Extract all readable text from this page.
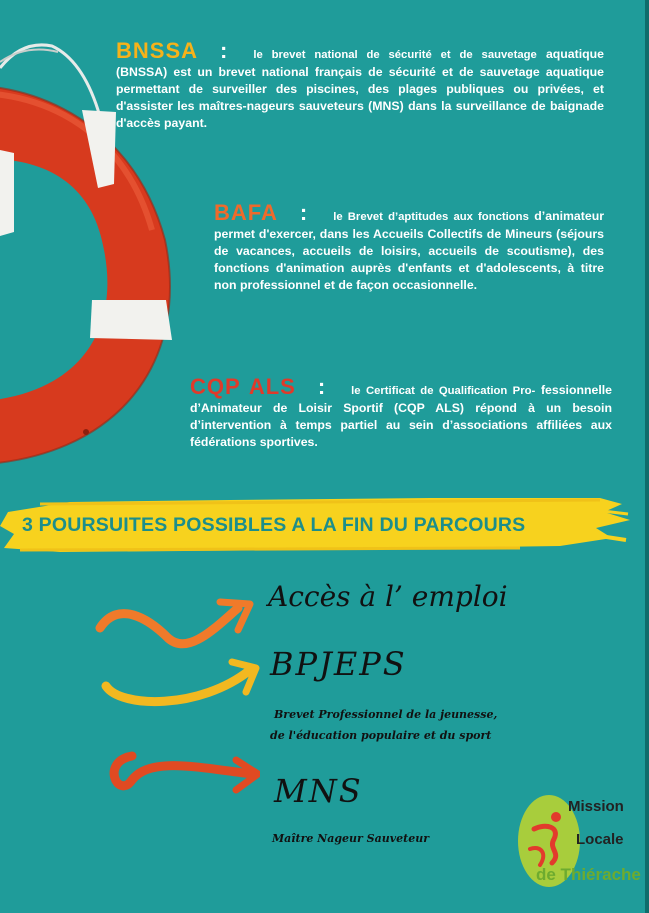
BNSSA : le brevet national de sécurité et de sauvetage aquatique (BNSSA) est un brevet national français de sécurité et de sauvetage aquatique permettant de surveiller des piscines, des plages publiques ou privées, et d'assister les maîtres-nageurs sauveteurs (MNS) dans la surveillance de baignade d'accès payant.
BAFA : le Brevet d’aptitudes aux fonctions d’animateur permet d'exercer, dans les Accueils Collectifs de Mineurs (séjours de vacances, accueils de loisirs, accueils de scoutisme), des fonctions d'animation auprès d'enfants et d'adolescents, à titre non professionnel et de façon occasionnelle.
CQP ALS : le Certificat de Qualification Pro- fessionnelle d’Animateur de Loisir Sportif (CQP ALS) répond à un besoin d’intervention à temps partiel au sein d’associations affiliées aux fédérations sportives.
3 POURSUITES POSSIBLES A LA FIN DU PARCOURS
Accès à l’ emploi
BPJEPS
Brevet Professionnel de la jeunesse,
de l'éducation populaire et du sport
MNS
Maître Nageur Sauveteur
Mission
Locale
de Thiérache
